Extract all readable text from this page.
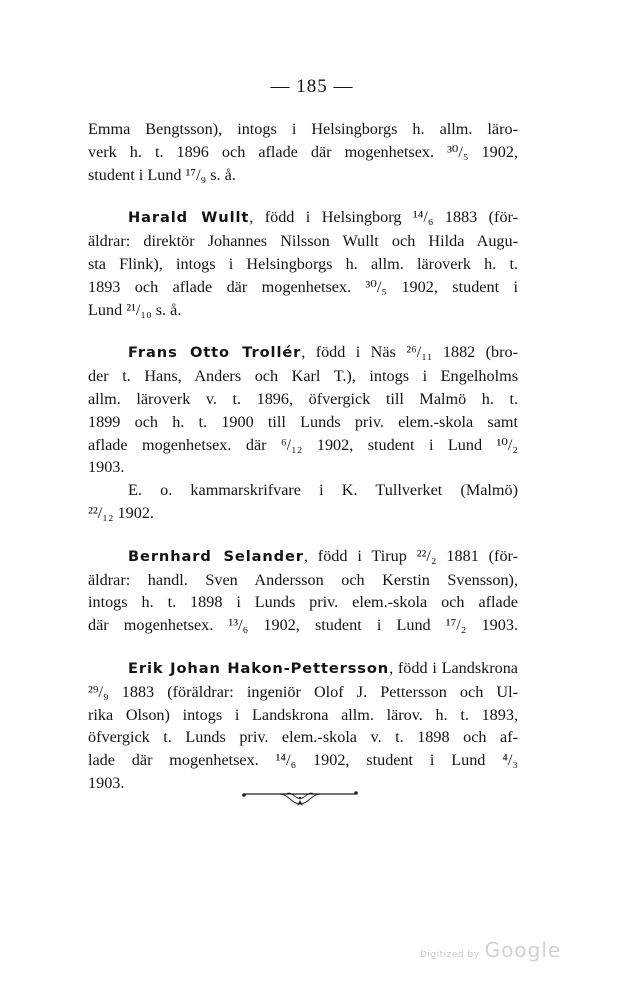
— 185 —

Emma Bengtsson), intogs i Helsingborgs h. allm. läro-
verk h. t. 1896 och aflade där mogenhetsex. ³⁰/₅ 1902,
student i Lund ¹⁷/₉ s. å.

Harald Wullt, född i Helsingborg ¹⁴/₆ 1883 (för-
äldrar: direktör Johannes Nilsson Wullt och Hilda Augu-
sta Flink), intogs i Helsingborgs h. allm. läroverk h. t.
1893 och aflade där mogenhetsex. ³⁰/₅ 1902, student i
Lund ²¹/₁₀ s. å.

Frans Otto Trollér, född i Näs ²⁶/₁₁ 1882 (bro-
der t. Hans, Anders och Karl T.), intogs i Engelholms
allm. läroverk v. t. 1896, öfvergick till Malmö h. t.
1899 och h. t. 1900 till Lunds priv. elem.-skola samt
aflade mogenhetsex. där ⁶/₁₂ 1902, student i Lund ¹⁰/₂
1903.

E. o. kammarskrifvare i K. Tullverket (Malmö)
²²/₁₂ 1902.

Bernhard Selander, född i Tirup ²²/₂ 1881 (för-
äldrar: handl. Sven Andersson och Kerstin Svensson),
intogs h. t. 1898 i Lunds priv. elem.-skola och aflade
där mogenhetsex. ¹³/₆ 1902, student i Lund ¹⁷/₂ 1903.

Erik Johan Hakon-Pettersson, född i Landskrona
²⁹/₉ 1883 (föräldrar: ingeniör Olof J. Pettersson och Ul-
rika Olson) intogs i Landskrona allm. lärov. h. t. 1893,
öfvergick t. Lunds priv. elem.-skola v. t. 1898 och af-
lade där mogenhetsex. ¹⁴/₆ 1902, student i Lund ⁴/₃
1903.

Digitized by Google
